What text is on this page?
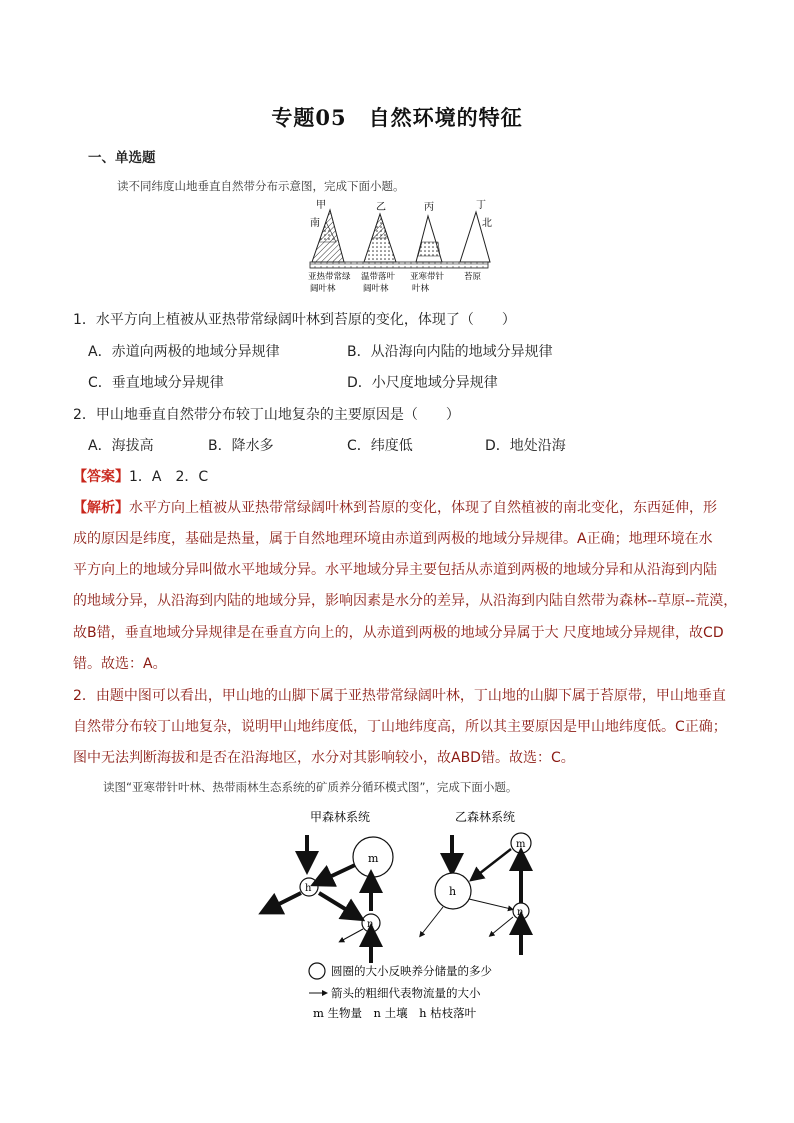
专题05　自然环境的特征
一、单选题
读不同纬度山地垂直自然带分布示意图，完成下面小题。
甲	乙	丙	丁
南	北
亚热带常绿
阔叶林
温带落叶
阔叶林
亚寒带针
叶林
苔原
1．水平方向上植被从亚热带常绿阔叶林到苔原的变化，体现了（　　）
A．赤道向两极的地域分异规律	B．从沿海向内陆的地域分异规律
C．垂直地域分异规律	D．小尺度地域分异规律
2．甲山地垂直自然带分布较丁山地复杂的主要原因是（　　）
A．海拔高	B．降水多	C．纬度低	D．地处沿海
【答案】1．A　2．C
【解析】水平方向上植被从亚热带常绿阔叶林到苔原的变化，体现了自然植被的南北变化，东西延伸，形
成的原因是纬度，基础是热量，属于自然地理环境由赤道到两极的地域分异规律。A正确；地理环境在水
平方向上的地域分异叫做水平地域分异。水平地域分异主要包括从赤道到两极的地域分异和从沿海到内陆
的地域分异，从沿海到内陆的地域分异，影响因素是水分的差异，从沿海到内陆自然带为森林--草原--荒漠，
故B错，垂直地域分异规律是在垂直方向上的，从赤道到两极的地域分异属于大 尺度地域分异规律，故CD
错。故选：A。
2．由题中图可以看出，甲山地的山脚下属于亚热带常绿阔叶林，丁山地的山脚下属于苔原带，甲山地垂直
自然带分布较丁山地复杂，说明甲山地纬度低，丁山地纬度高，所以其主要原因是甲山地纬度低。C正确；
图中无法判断海拔和是否在沿海地区，水分对其影响较小，故ABD错。故选：C。
读图“亚寒带针叶林、热带雨林生态系统的矿质养分循环模式图”，完成下面小题。
甲森林系统	乙森林系统
m
h
n
m
h
n
圆圈的大小反映养分储量的多少
箭头的粗细代表物流量的大小
m 生物量　n 土壤　h 枯枝落叶
